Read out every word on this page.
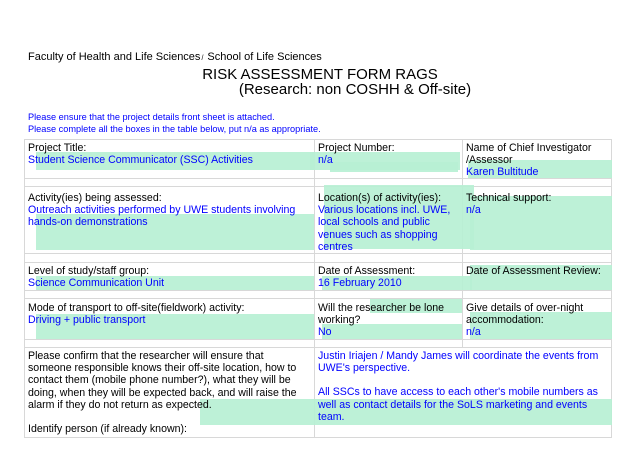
Faculty of Health and Life Sciences/ School of Life Sciences
RISK ASSESSMENT FORM RAGS
(Research: non COSHH & Off-site)
Please ensure that the project details front sheet is attached.
Please complete all the boxes in the table below, put n/a as appropriate.
Project Title:
Student Science Communicator (SSC) Activities
Project Number:
n/a
Name of Chief Investigator
/Assessor
Karen Bultitude
Activity(ies) being assessed:
Outreach activities performed by UWE students involving
hands-on demonstrations
Location(s) of activity(ies):
Various locations incl. UWE,
local schools and public
venues such as shopping
centres
Technical support:
n/a
Level of study/staff group:
Science Communication Unit
Date of Assessment:
16 February 2010
Date of Assessment Review:
Mode of transport to off-site(fieldwork) activity:
Driving + public transport
Will the researcher be lone
working?
No
Give details of over-night
accommodation:
n/a
Please confirm that the researcher will ensure that
someone responsible knows their off-site location, how to
contact them (mobile phone number?), what they will be
doing, when they will be expected back, and will raise the
alarm if they do not return as expected.
Identify person (if already known):
Justin Iriajen / Mandy James will coordinate the events from
UWE's perspective.
All SSCs to have access to each other's mobile numbers as
well as contact details for the SoLS marketing and events
team.
